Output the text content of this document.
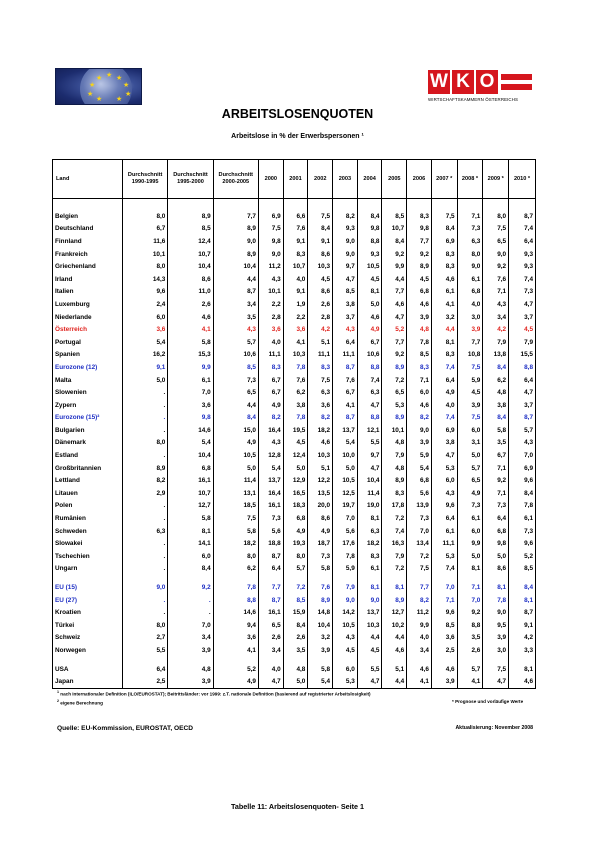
★ ★
★
★
★
★
★
★
★
W K O
WIRTSCHAFTSKAMMERN ÖSTERREICHS
ARBEITSLOSENQUOTEN
Arbeitslose in % der Erwerbspersonen ¹
Land	Durchschnitt 1990-1995	Durchschnitt 1995-2000	Durchschnitt 2000-2005	2000	2001	2002	2003	2004	2005	2006	2007 *	2008 *	2009 *	2010 *

Belgien	8,0	8,9	7,7	6,9	6,6	7,5	8,2	8,4	8,5	8,3	7,5	7,1	8,0	8,7
Deutschland	6,7	8,5	8,9	7,5	7,6	8,4	9,3	9,8	10,7	9,8	8,4	7,3	7,5	7,4
Finnland	11,6	12,4	9,0	9,8	9,1	9,1	9,0	8,8	8,4	7,7	6,9	6,3	6,5	6,4
Frankreich	10,1	10,7	8,9	9,0	8,3	8,6	9,0	9,3	9,2	9,2	8,3	8,0	9,0	9,3
Griechenland	8,0	10,4	10,4	11,2	10,7	10,3	9,7	10,5	9,9	8,9	8,3	9,0	9,2	9,3
Irland	14,3	8,6	4,4	4,3	4,0	4,5	4,7	4,5	4,4	4,5	4,6	6,1	7,6	7,4
Italien	9,6	11,0	8,7	10,1	9,1	8,6	8,5	8,1	7,7	6,8	6,1	6,8	7,1	7,3
Luxemburg	2,4	2,6	3,4	2,2	1,9	2,6	3,8	5,0	4,6	4,6	4,1	4,0	4,3	4,7
Niederlande	6,0	4,6	3,5	2,8	2,2	2,8	3,7	4,6	4,7	3,9	3,2	3,0	3,4	3,7
Österreich	3,6	4,1	4,3	3,6	3,6	4,2	4,3	4,9	5,2	4,8	4,4	3,9	4,2	4,5
Portugal	5,4	5,8	5,7	4,0	4,1	5,1	6,4	6,7	7,7	7,8	8,1	7,7	7,9	7,9
Spanien	16,2	15,3	10,6	11,1	10,3	11,1	11,1	10,6	9,2	8,5	8,3	10,8	13,8	15,5
Eurozone (12)	9,1	9,9	8,5	8,3	7,8	8,3	8,7	8,8	8,9	8,3	7,4	7,5	8,4	8,8
Malta	5,0	6,1	7,3	6,7	7,6	7,5	7,6	7,4	7,2	7,1	6,4	5,9	6,2	6,4
Slowenien	.	7,0	6,5	6,7	6,2	6,3	6,7	6,3	6,5	6,0	4,9	4,5	4,8	4,7
Zypern	.	3,6	4,4	4,9	3,8	3,6	4,1	4,7	5,3	4,6	4,0	3,9	3,8	3,7
Eurozone (15)²	.	9,8	8,4	8,2	7,8	8,2	8,7	8,8	8,9	8,2	7,4	7,5	8,4	8,7
Bulgarien	.	14,6	15,0	16,4	19,5	18,2	13,7	12,1	10,1	9,0	6,9	6,0	5,8	5,7
Dänemark	8,0	5,4	4,9	4,3	4,5	4,6	5,4	5,5	4,8	3,9	3,8	3,1	3,5	4,3
Estland	.	10,4	10,5	12,8	12,4	10,3	10,0	9,7	7,9	5,9	4,7	5,0	6,7	7,0
Großbritannien	8,9	6,8	5,0	5,4	5,0	5,1	5,0	4,7	4,8	5,4	5,3	5,7	7,1	6,9
Lettland	8,2	16,1	11,4	13,7	12,9	12,2	10,5	10,4	8,9	6,8	6,0	6,5	9,2	9,6
Litauen	2,9	10,7	13,1	16,4	16,5	13,5	12,5	11,4	8,3	5,6	4,3	4,9	7,1	8,4
Polen	.	12,7	18,5	16,1	18,3	20,0	19,7	19,0	17,8	13,9	9,6	7,3	7,3	7,8
Rumänien	.	5,8	7,5	7,3	6,8	8,6	7,0	8,1	7,2	7,3	6,4	6,1	6,4	6,1
Schweden	6,3	8,1	5,8	5,6	4,9	4,9	5,6	6,3	7,4	7,0	6,1	6,0	6,8	7,3
Slowakei	.	14,1	18,2	18,8	19,3	18,7	17,6	18,2	16,3	13,4	11,1	9,9	9,8	9,6
Tschechien	.	6,0	8,0	8,7	8,0	7,3	7,8	8,3	7,9	7,2	5,3	5,0	5,0	5,2
Ungarn	.	8,4	6,2	6,4	5,7	5,8	5,9	6,1	7,2	7,5	7,4	8,1	8,6	8,5

EU (15)	9,0	9,2	7,8	7,7	7,2	7,6	7,9	8,1	8,1	7,7	7,0	7,1	8,1	8,4
EU (27)	.	.	8,8	8,7	8,5	8,9	9,0	9,0	8,9	8,2	7,1	7,0	7,8	8,1
Kroatien	.	.	14,6	16,1	15,9	14,8	14,2	13,7	12,7	11,2	9,6	9,2	9,0	8,7
Türkei	8,0	7,0	9,4	6,5	8,4	10,4	10,5	10,3	10,2	9,9	8,5	8,8	9,5	9,1
Schweiz	2,7	3,4	3,6	2,6	2,6	3,2	4,3	4,4	4,4	4,0	3,6	3,5	3,9	4,2
Norwegen	5,5	3,9	4,1	3,4	3,5	3,9	4,5	4,5	4,6	3,4	2,5	2,6	3,0	3,3

USA	6,4	4,8	5,2	4,0	4,8	5,8	6,0	5,5	5,1	4,6	4,6	5,7	7,5	8,1
Japan	2,5	3,9	4,9	4,7	5,0	5,4	5,3	4,7	4,4	4,1	3,9	4,1	4,7	4,6
$^1$ nach internationaler Definition (ILO/EUROSTAT); Beitrittsländer: vor 1999: z.T. nationale Definition (basierend auf registrierter Arbeitslosigkeit)
$^2$ eigene Berechnung	* Prognose und vorläufige Werte
Quelle: EU-Kommission, EUROSTAT, OECD	Aktualisierung: November 2008
Tabelle 11: Arbeitslosenquoten- Seite 1
